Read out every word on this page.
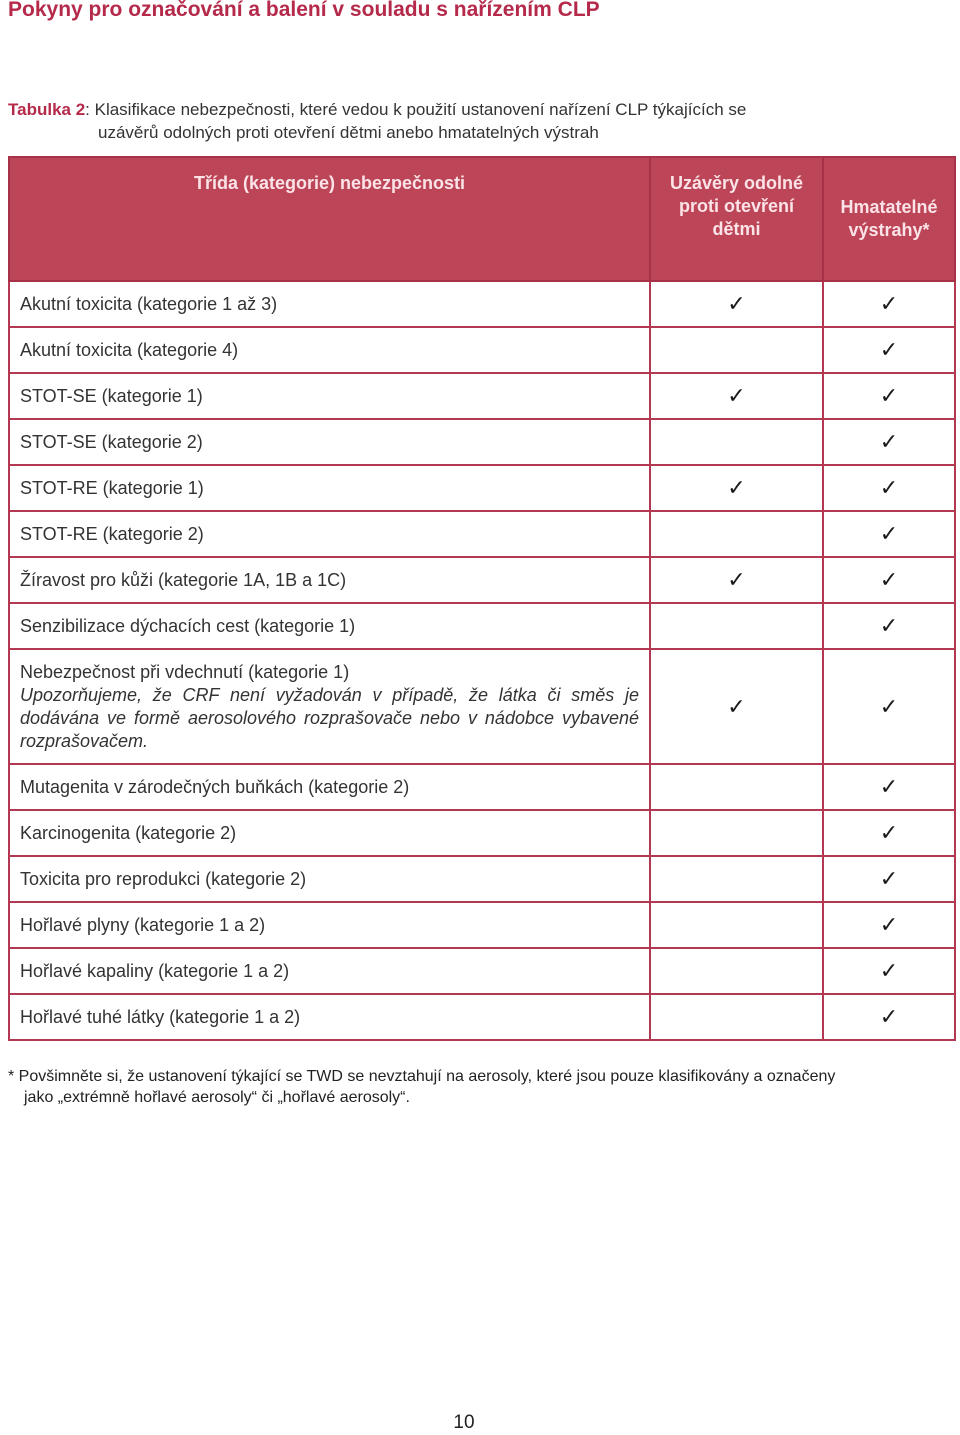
Pokyny pro označování a balení v souladu s nařízením CLP
Tabulka 2: Klasifikace nebezpečnosti, které vedou k použití ustanovení nařízení CLP týkajících se
uzávěrů odolných proti otevření dětmi anebo hmatatelných výstrah
Třída (kategorie) nebezpečnosti	Uzávěry odolné proti otevření dětmi	Hmatatelné výstrahy*

Akutní toxicita (kategorie 1 až 3)	✓	✓

Akutní toxicita (kategorie 4)		✓

STOT-SE (kategorie 1)	✓	✓

STOT-SE (kategorie 2)		✓

STOT-RE (kategorie 1)	✓	✓

STOT-RE (kategorie 2)		✓

Žíravost pro kůži (kategorie 1A, 1B a 1C)	✓	✓

Senzibilizace dýchacích cest (kategorie 1)		✓

Nebezpečnost při vdechnutí (kategorie 1)
Upozorňujeme, že CRF není vyžadován v případě, že látka či směs je dodávána ve formě aerosolového rozprašovače nebo v nádobce vybavené rozprašovačem.	✓	✓

Mutagenita v zárodečných buňkách (kategorie 2)		✓

Karcinogenita (kategorie 2)		✓

Toxicita pro reprodukci (kategorie 2)		✓

Hořlavé plyny (kategorie 1 a 2)		✓

Hořlavé kapaliny (kategorie 1 a 2)		✓

Hořlavé tuhé látky (kategorie 1 a 2)		✓
* Povšimněte si, že ustanovení týkající se TWD se nevztahují na aerosoly, které jsou pouze klasifikovány a označeny
jako „extrémně hořlavé aerosoly“ či „hořlavé aerosoly“.
10
